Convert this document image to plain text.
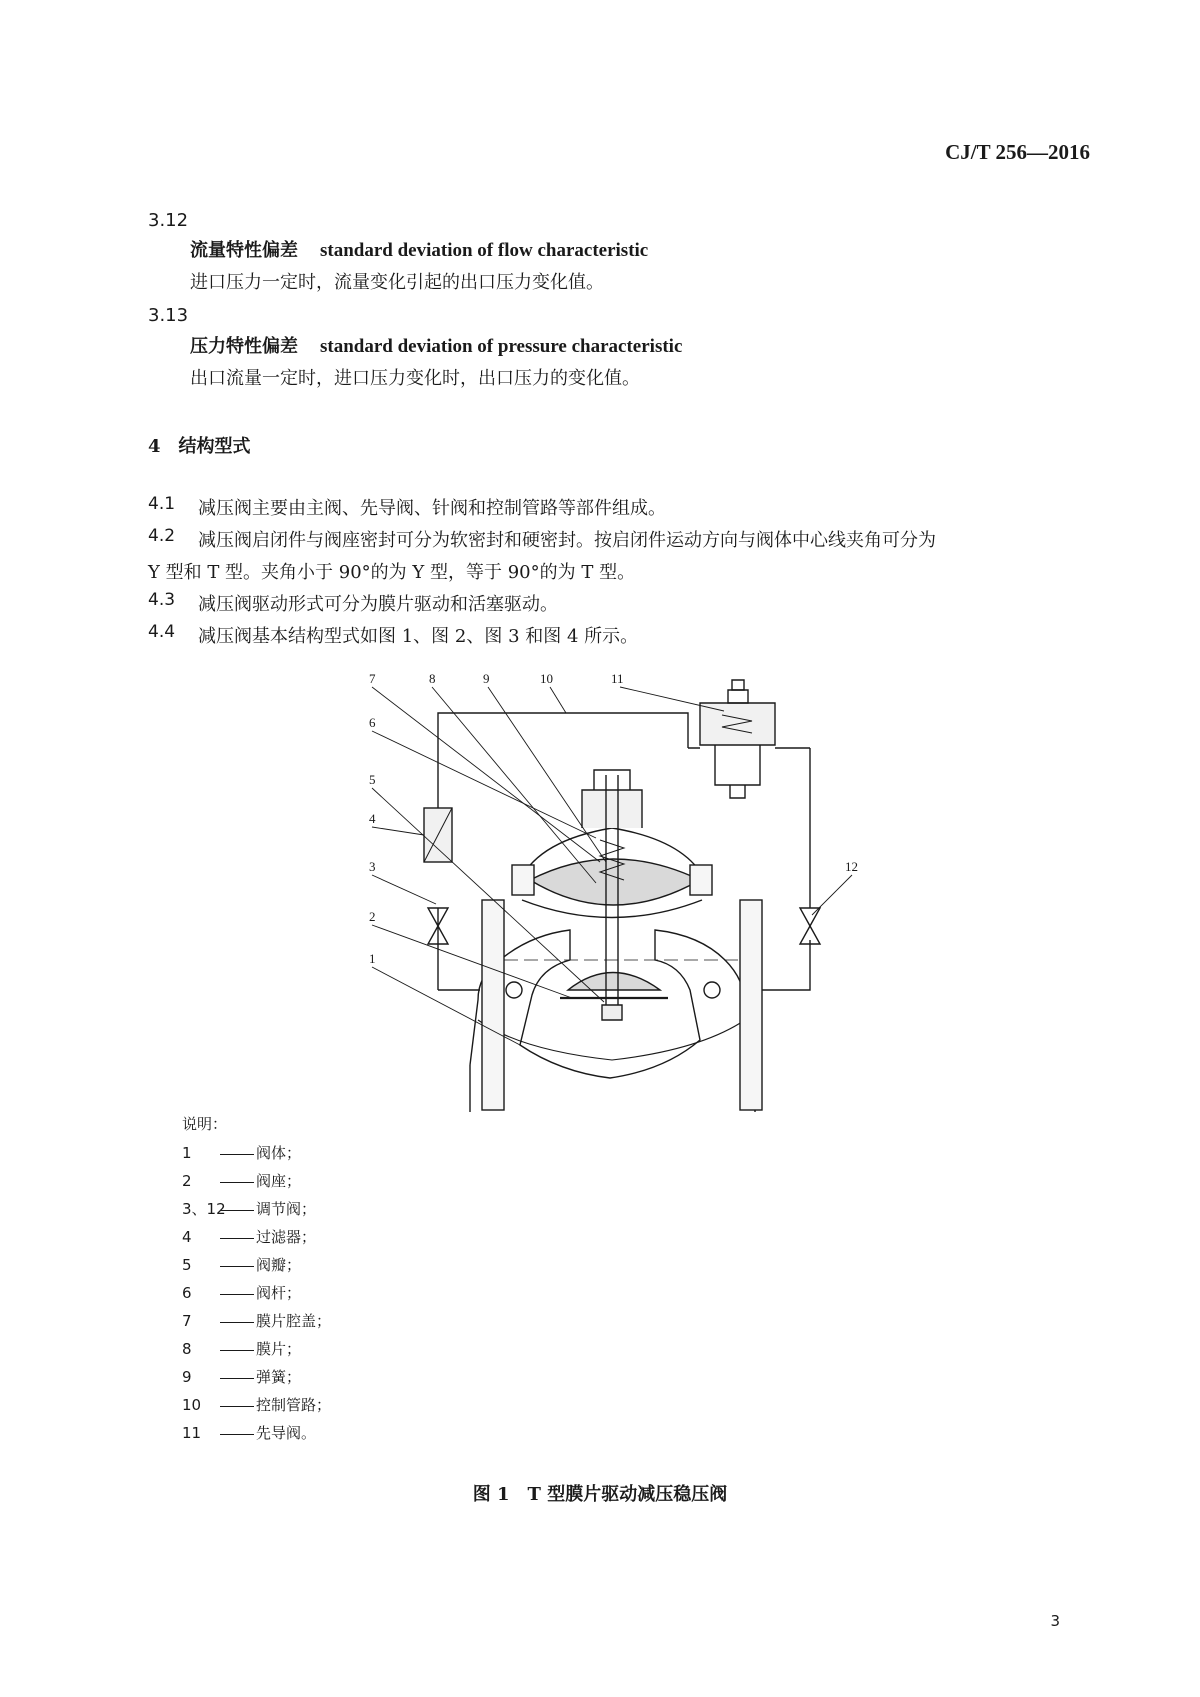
CJ/T 256—2016
3.12
流量特性偏差 standard deviation of flow characteristic
进口压力一定时，流量变化引起的出口压力变化值。
3.13
压力特性偏差 standard deviation of pressure characteristic
出口流量一定时，进口压力变化时，出口压力的变化值。
4　结构型式
4.1 减压阀主要由主阀、先导阀、针阀和控制管路等部件组成。
4.2 减压阀启闭件与阀座密封可分为软密封和硬密封。按启闭件运动方向与阀体中心线夹角可分为
Y 型和 T 型。夹角小于 90°的为 Y 型，等于 90°的为 T 型。
4.3 减压阀驱动形式可分为膜片驱动和活塞驱动。
4.4 减压阀基本结构型式如图 1、图 2、图 3 和图 4 所示。
7	8	9	10	11
6
5
4
3
2
1
12
说明：
1	阀体；
2	阀座；
3、12 调节阀；
4	过滤器；
5	阀瓣；
6	阀杆；
7	膜片腔盖；
8	膜片；
9	弹簧；
10	控制管路；
11	先导阀。
图 1　T 型膜片驱动减压稳压阀
3
